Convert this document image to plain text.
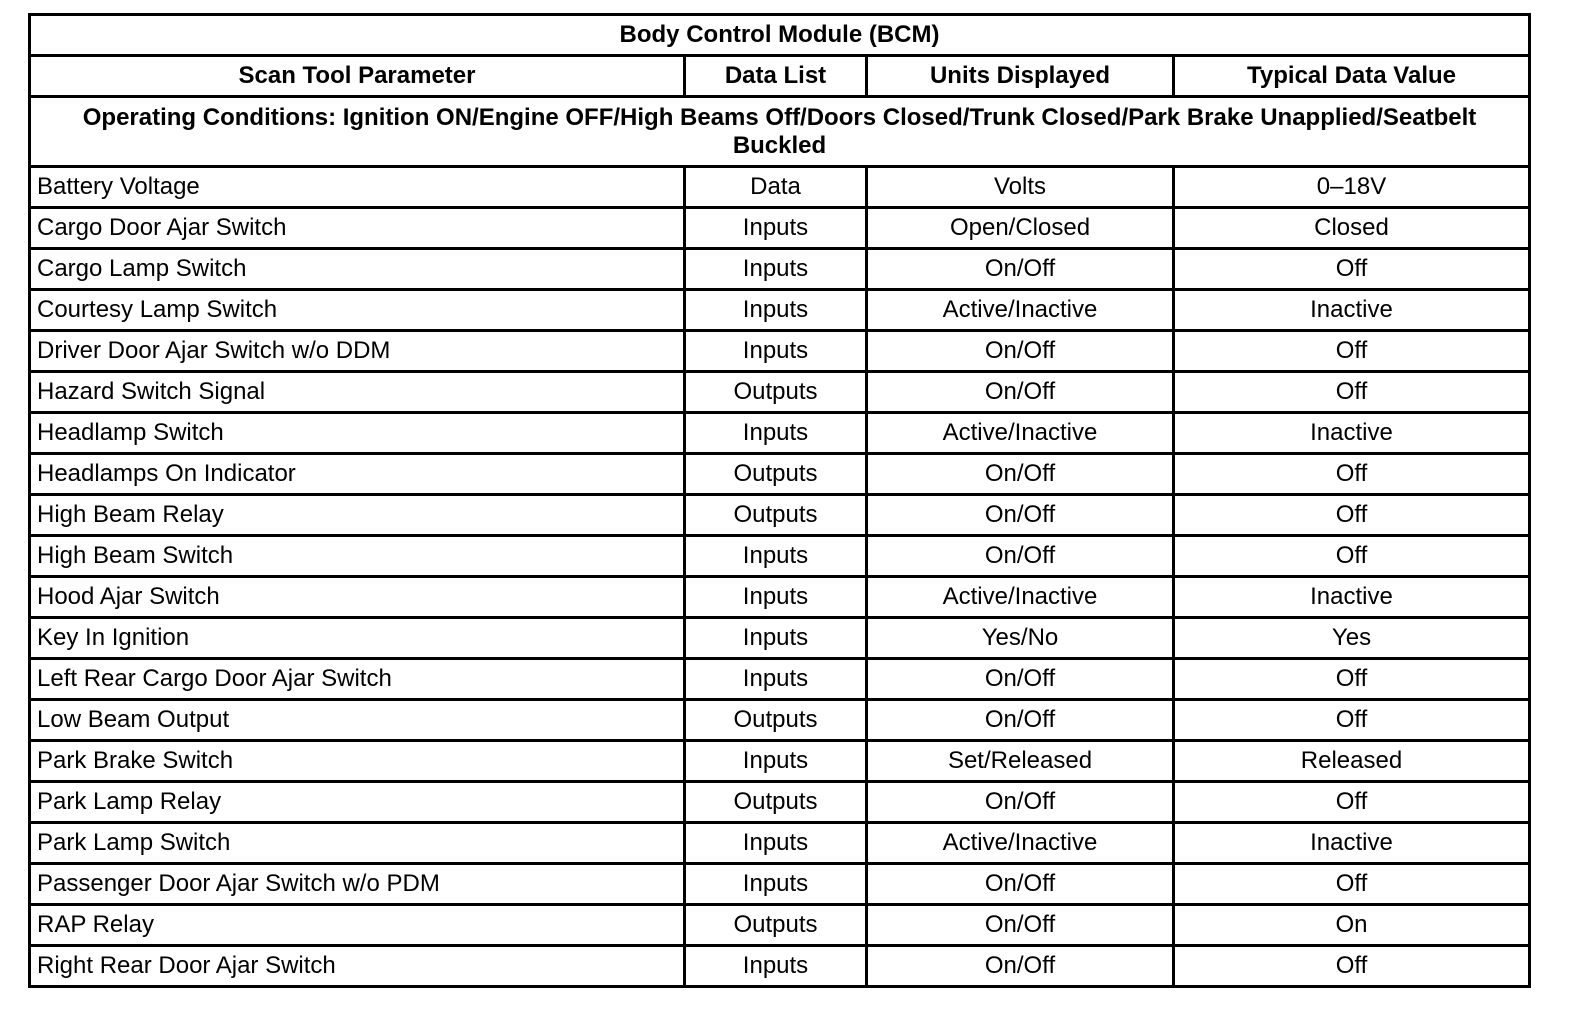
Body Control Module (BCM)			
Scan Tool Parameter	Data List	Units Displayed	Typical Data Value
Operating Conditions: Ignition ON/Engine OFF/High Beams Off/Doors Closed/Trunk Closed/Park Brake Unapplied/Seatbelt Buckled			
Battery Voltage	Data	Volts	0–18V
Cargo Door Ajar Switch	Inputs	Open/Closed	Closed
Cargo Lamp Switch	Inputs	On/Off	Off
Courtesy Lamp Switch	Inputs	Active/Inactive	Inactive
Driver Door Ajar Switch w/o DDM	Inputs	On/Off	Off
Hazard Switch Signal	Outputs	On/Off	Off
Headlamp Switch	Inputs	Active/Inactive	Inactive
Headlamps On Indicator	Outputs	On/Off	Off
High Beam Relay	Outputs	On/Off	Off
High Beam Switch	Inputs	On/Off	Off
Hood Ajar Switch	Inputs	Active/Inactive	Inactive
Key In Ignition	Inputs	Yes/No	Yes
Left Rear Cargo Door Ajar Switch	Inputs	On/Off	Off
Low Beam Output	Outputs	On/Off	Off
Park Brake Switch	Inputs	Set/Released	Released
Park Lamp Relay	Outputs	On/Off	Off
Park Lamp Switch	Inputs	Active/Inactive	Inactive
Passenger Door Ajar Switch w/o PDM	Inputs	On/Off	Off
RAP Relay	Outputs	On/Off	On
Right Rear Door Ajar Switch	Inputs	On/Off	Off
